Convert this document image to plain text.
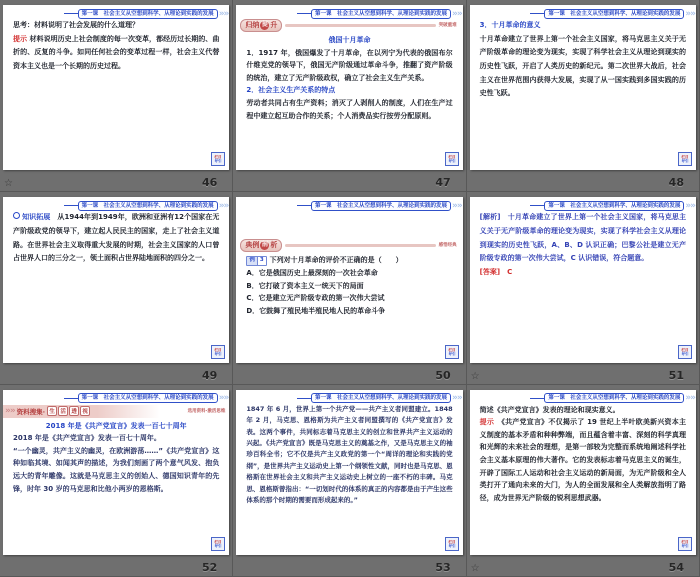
第一课　社会主义从空想到科学、从理论到实践的发展 »»

思考：材料说明了社会发展的什么道理？

提示 材料说明历史上社会制度的每一次变革，都经历过长期的、曲折的、反复的斗争。如同任何社会的变革过程一样，社会主义代替资本主义也是一个长期的历史过程。

栏目
导引
46
☆
第一课　社会主义从空想到科学、从理论到实践的发展 »»
归纳 提 升	突破重难

俄国十月革命

1．1917 年，俄国爆发了十月革命，在以列宁为代表的俄国布尔什维克党的领导下，俄国无产阶级通过革命斗争，推翻了资产阶级的统治，建立了无产阶级政权，确立了社会主义生产关系。

2．社会主义生产关系的特点

劳动者共同占有生产资料；消灭了人剥削人的制度，人们在生产过程中建立起互助合作的关系；个人消费品实行按劳分配原则。

栏目
导引
47
第一课　社会主义从空想到科学、从理论到实践的发展 »»

3．十月革命的意义

十月革命建立了世界上第一个社会主义国家，将马克思主义关于无产阶级革命的理论变为现实，实现了科学社会主义从理论到现实的历史性飞跃，开启了人类历史的新纪元。第二次世界大战后，社会主义在世界范围内获得大发展，实现了从一国实践到多国实践的历史性飞跃。

栏目
导引
48
第一课　社会主义从空想到科学、从理论到实践的发展 »»

知识拓展　 从1944年到1949年，欧洲和亚洲有12个国家在无产阶级政党的领导下，建立起人民民主的国家，走上了社会主义道路。在世界社会主义取得重大发展的时期，社会主义国家的人口曾占世界人口的三分之一，领土面积占世界陆地面积的四分之一。

栏目
导引
49
第一课　社会主义从空想到科学、从理论到实践的发展 »»
典例 剖 析	感悟经典

例 3 下列对十月革命的评价不正确的是（　　）

A．它是俄国历史上最深刻的一次社会革命

B．它打破了资本主义一统天下的局面

C．它是建立无产阶级专政的第一次伟大尝试

D．它鼓舞了殖民地半殖民地人民的革命斗争

栏目
导引
50
第一课　社会主义从空想到科学、从理论到实践的发展 »»

[解析]　 十月革命建立了世界上第一个社会主义国家，将马克思主义关于无产阶级革命的理论变为现实，实现了科学社会主义从理论到现实的历史性飞跃，A、B、D 认识正确；巴黎公社是建立无产阶级专政的第一次伟大尝试，C 认识错误，符合题意。

[答案]　 C

栏目
导引
51
☆
第一课　社会主义从空想到科学、从理论到实践的发展 »»
»» 资料搜集· 生 活 透 视	选用资料·激活思维

2018 年是《共产党宣言》发表一百七十周年

2018 年是《共产党宣言》发表一百七十周年。

“一个幽灵，共产主义的幽灵，在欧洲游荡……”《共产党宣言》这种如临其境、如闻其声的描述，为我们刻画了两个意气风发、抱负远大的青年雕像。这就是马克思主义的创始人、德国知识青年的先锋，时年 30 岁的马克思和比他小两岁的恩格斯。

栏目
导引
52
第一课　社会主义从空想到科学、从理论到实践的发展 »»

1847 年 6 月，世界上第一个共产党——共产主义者同盟建立。1848 年 2 月，马克思、恩格斯为共产主义者同盟撰写的《共产党宣言》发表。这两个事件，共同标志着马克思主义的创立和世界共产主义运动的兴起。《共产党宣言》既是马克思主义的奠基之作，又是马克思主义的袖珍百科全书；它不仅是共产主义政党的第一个“周详的理论和实践的党纲”，是世界共产主义运动史上第一个纲领性文献，同时也是马克思、恩格斯在世界社会主义和共产主义运动史上树立的一座不朽的丰碑。马克思、恩格斯曾指出：“一切划时代的体系的真正的内容都是由于产生这些体系的那个时期的需要而形成起来的。”

栏目
导引
53
第一课　社会主义从空想到科学、从理论到实践的发展 »»

简述《共产党宣言》发表的理论和现实意义。

提示　 《共产党宣言》不仅揭示了 19 世纪上半叶欧美新兴资本主义制度的基本矛盾和种种弊端，而且蕴含着丰富、深刻的科学真理和光辉的未来社会的理想，是第一部较为完整而系统地阐述科学社会主义基本原理的伟大著作。它的发表标志着马克思主义的诞生，开辟了国际工人运动和社会主义运动的新局面，为无产阶级和全人类打开了通向未来的大门，为人的全面发展和全人类解放指明了路径，成为世界无产阶级的锐利思想武器。

栏目
导引
54
☆
